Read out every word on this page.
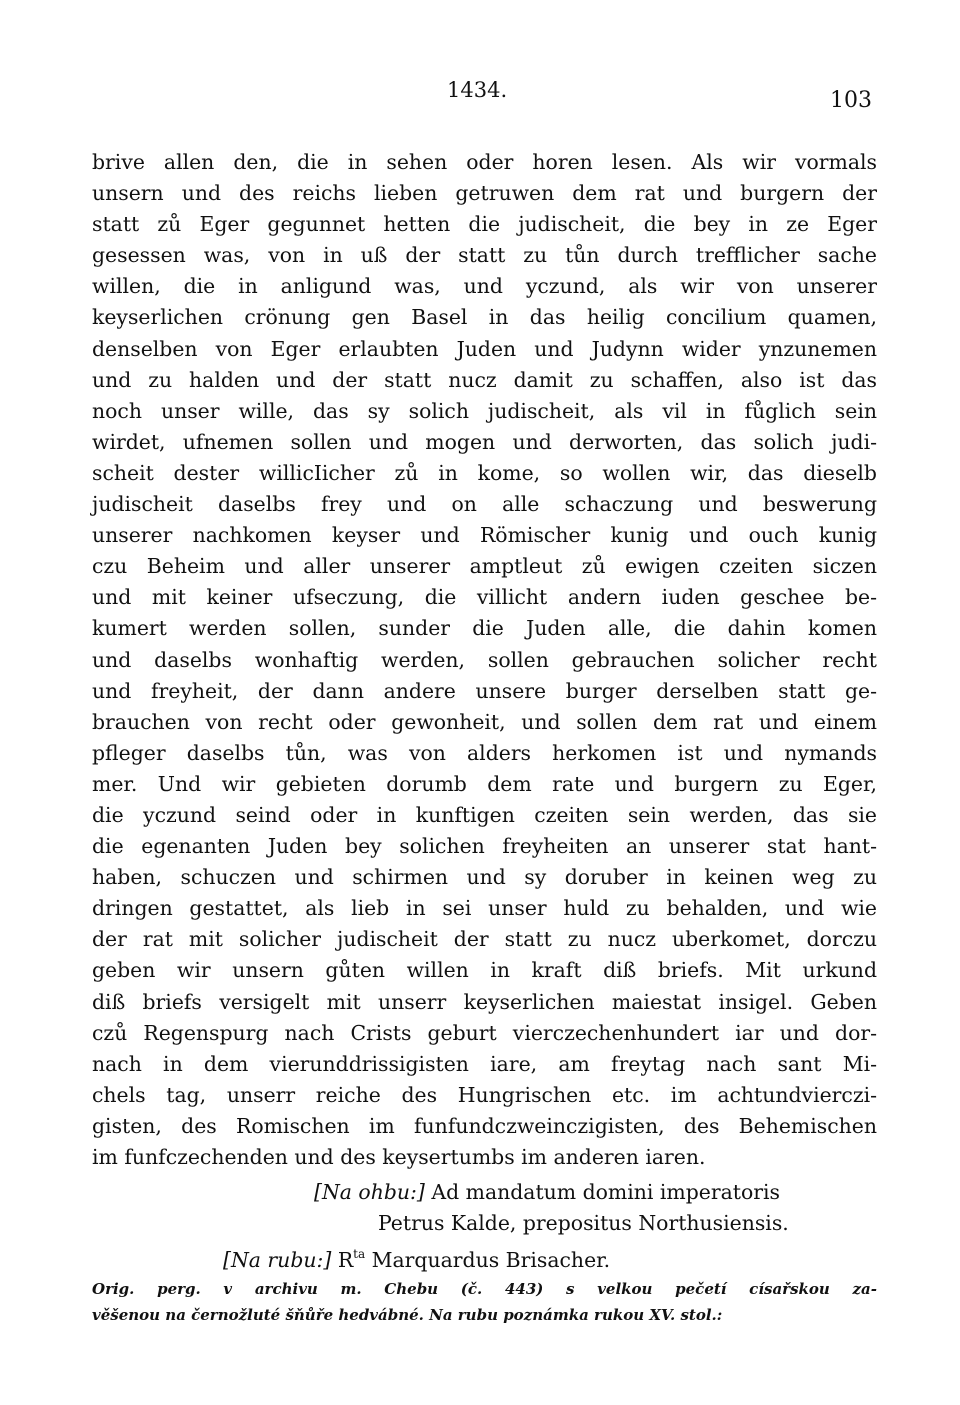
1434.	103
brive allen den, die in sehen oder horen lesen. Als wir vormals
unsern und des reichs lieben getruwen dem rat und burgern der
statt zů Eger gegunnet hetten die judischeit, die bey in ze Eger
gesessen was, von in uß der statt zu tůn durch trefflicher sache
willen, die in anligund was, und yczund, als wir von unserer
keyserlichen crönung gen Basel in das heilig concilium quamen,
denselben von Eger erlaubten Juden und Judynn wider ynzunemen
und zu halden und der statt nucz damit zu schaffen, also ist das
noch unser wille, das sy solich judischeit, als vil in fůglich sein
wirdet, ufnemen sollen und mogen und derworten, das solich judi-
scheit dester willicIicher zů in kome, so wollen wir, das dieselb
judischeit daselbs frey und on alle schaczung und beswerung
unserer nachkomen keyser und Römischer kunig und ouch kunig
czu Beheim und aller unserer amptleut zů ewigen czeiten siczen
und mit keiner ufseczung, die villicht andern iuden geschee be-
kumert werden sollen, sunder die Juden alle, die dahin komen
und daselbs wonhaftig werden, sollen gebrauchen solicher recht
und freyheit, der dann andere unsere burger derselben statt ge-
brauchen von recht oder gewonheit, und sollen dem rat und einem
pfleger daselbs tůn, was von alders herkomen ist und nymands
mer. Und wir gebieten dorumb dem rate und burgern zu Eger,
die yczund seind oder in kunftigen czeiten sein werden, das sie
die egenanten Juden bey solichen freyheiten an unserer stat hant-
haben, schuczen und schirmen und sy doruber in keinen weg zu
dringen gestattet, als lieb in sei unser huld zu behalden, und wie
der rat mit solicher judischeit der statt zu nucz uberkomet, dorczu
geben wir unsern gůten willen in kraft diß briefs. Mit urkund
diß briefs versigelt mit unserr keyserlichen maiestat insigel. Geben
czů Regenspurg nach Crists geburt vierczechenhundert iar und dor-
nach in dem vierunddrissigisten iare, am freytag nach sant Mi-
chels tag, unserr reiche des Hungrischen etc. im achtundvierczi-
gisten, des Romischen im funfundczweinczigisten, des Behemischen
im funfczechenden und des keysertumbs im anderen iaren.
[Na ohbu:] Ad mandatum domini imperatoris
Petrus Kalde, prepositus Northusiensis.
[Na rubu:] $R^{ta}$ Marquardus Brisacher.
Orig. perg. v archivu m. Chebu (č. 443) s velkou pečetí císařskou za-
věšenou na černožluté šňůře hedvábné. Na rubu poznámka rukou XV. stol.:
